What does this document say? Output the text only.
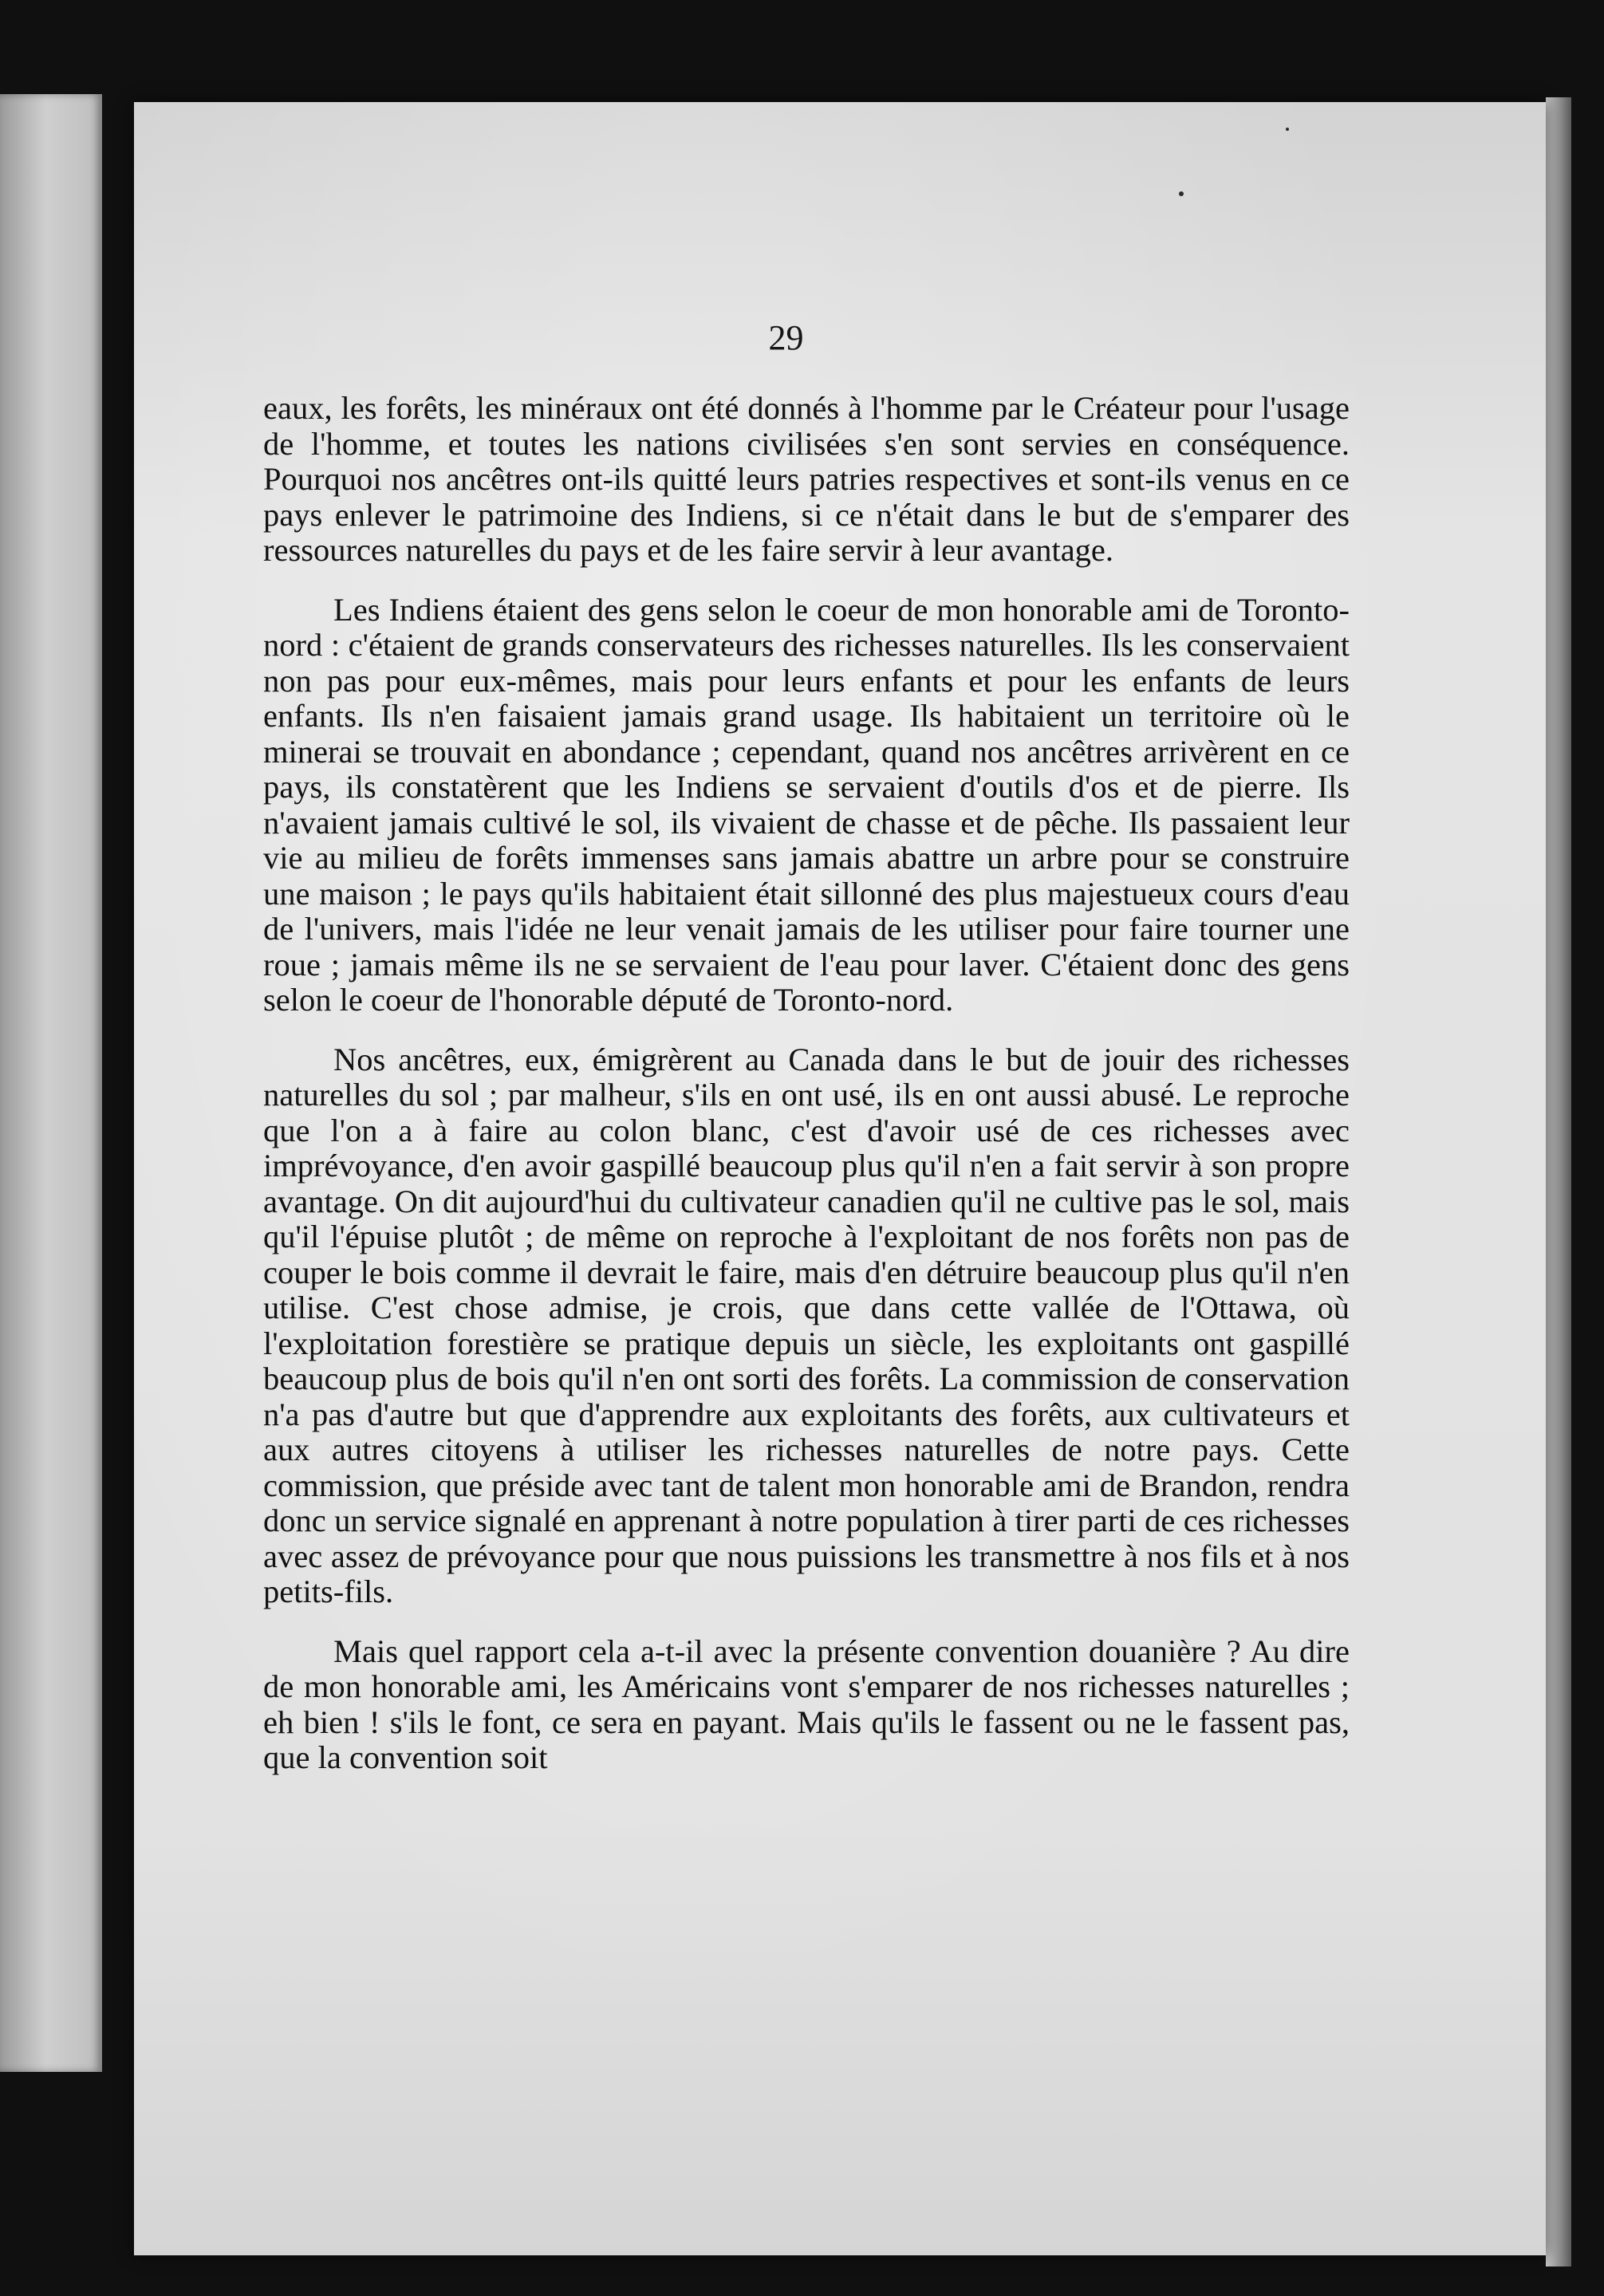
29

eaux, les forêts, les minéraux ont été donnés à l'homme par le Créateur pour l'usage de l'homme, et toutes les nations civilisées s'en sont servies en conséquence. Pourquoi nos ancêtres ont-ils quitté leurs patries respectives et sont-ils venus en ce pays enlever le patrimoine des Indiens, si ce n'était dans le but de s'emparer des ressources naturelles du pays et de les faire servir à leur avantage.

Les Indiens étaient des gens selon le coeur de mon honorable ami de Toronto-nord : c'étaient de grands conservateurs des richesses naturelles. Ils les conservaient non pas pour eux-mêmes, mais pour leurs enfants et pour les enfants de leurs enfants. Ils n'en faisaient jamais grand usage. Ils habitaient un territoire où le minerai se trouvait en abondance ; cependant, quand nos ancêtres arrivèrent en ce pays, ils constatèrent que les Indiens se servaient d'outils d'os et de pierre. Ils n'avaient jamais cultivé le sol, ils vivaient de chasse et de pêche. Ils passaient leur vie au milieu de forêts immenses sans jamais abattre un arbre pour se construire une maison ; le pays qu'ils habitaient était sillonné des plus majestueux cours d'eau de l'univers, mais l'idée ne leur venait jamais de les utiliser pour faire tourner une roue ; jamais même ils ne se servaient de l'eau pour laver. C'étaient donc des gens selon le coeur de l'honorable député de Toronto-nord.

Nos ancêtres, eux, émigrèrent au Canada dans le but de jouir des richesses naturelles du sol ; par malheur, s'ils en ont usé, ils en ont aussi abusé. Le reproche que l'on a à faire au colon blanc, c'est d'avoir usé de ces richesses avec imprévoyance, d'en avoir gaspillé beaucoup plus qu'il n'en a fait servir à son propre avantage. On dit aujourd'hui du cultivateur canadien qu'il ne cultive pas le sol, mais qu'il l'épuise plutôt ; de même on reproche à l'exploitant de nos forêts non pas de couper le bois comme il devrait le faire, mais d'en détruire beaucoup plus qu'il n'en utilise. C'est chose admise, je crois, que dans cette vallée de l'Ottawa, où l'exploitation forestière se pratique depuis un siècle, les exploitants ont gaspillé beaucoup plus de bois qu'il n'en ont sorti des forêts. La commission de conservation n'a pas d'autre but que d'apprendre aux exploitants des forêts, aux cultivateurs et aux autres citoyens à utiliser les richesses naturelles de notre pays. Cette commission, que préside avec tant de talent mon honorable ami de Brandon, rendra donc un service signalé en apprenant à notre population à tirer parti de ces richesses avec assez de prévoyance pour que nous puissions les transmettre à nos fils et à nos petits-fils.

Mais quel rapport cela a-t-il avec la présente convention douanière ? Au dire de mon honorable ami, les Américains vont s'emparer de nos richesses naturelles ; eh bien ! s'ils le font, ce sera en payant. Mais qu'ils le fassent ou ne le fassent pas, que la convention soit
